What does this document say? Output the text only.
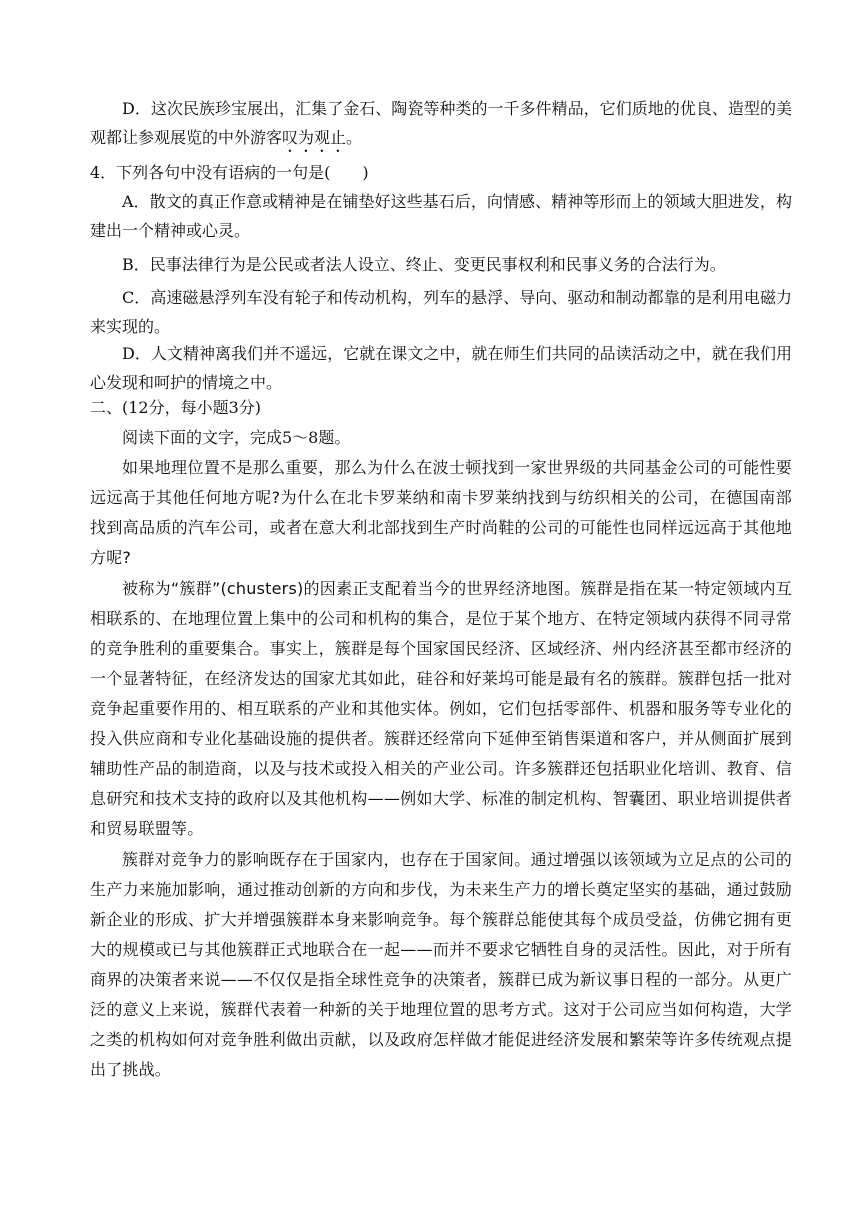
D．这次民族珍宝展出，汇集了金石、陶瓷等种类的一千多件精品，它们质地的优良、造型的美观都让参观展览的中外游客叹为观止。

4．下列各句中没有语病的一句是(　　)

A．散文的真正作意或精神是在铺垫好这些基石后，向情感、精神等形而上的领域大胆进发，构建出一个精神或心灵。

B．民事法律行为是公民或者法人设立、终止、变更民事权利和民事义务的合法行为。

C．高速磁悬浮列车没有轮子和传动机构，列车的悬浮、导向、驱动和制动都靠的是利用电磁力来实现的。

D．人文精神离我们并不遥远，它就在课文之中，就在师生们共同的品读活动之中，就在我们用心发现和呵护的情境之中。

二、(12分，每小题3分)

阅读下面的文字，完成5～8题。

如果地理位置不是那么重要，那么为什么在波士顿找到一家世界级的共同基金公司的可能性要远远高于其他任何地方呢?为什么在北卡罗莱纳和南卡罗莱纳找到与纺织相关的公司，在德国南部找到高品质的汽车公司，或者在意大利北部找到生产时尚鞋的公司的可能性也同样远远高于其他地方呢?

被称为“簇群”(chusters)的因素正支配着当今的世界经济地图。簇群是指在某一特定领域内互相联系的、在地理位置上集中的公司和机构的集合，是位于某个地方、在特定领域内获得不同寻常的竞争胜利的重要集合。事实上，簇群是每个国家国民经济、区域经济、州内经济甚至都市经济的一个显著特征，在经济发达的国家尤其如此，硅谷和好莱坞可能是最有名的簇群。簇群包括一批对竞争起重要作用的、相互联系的产业和其他实体。例如，它们包括零部件、机器和服务等专业化的投入供应商和专业化基础设施的提供者。簇群还经常向下延伸至销售渠道和客户，并从侧面扩展到辅助性产品的制造商，以及与技术或投入相关的产业公司。许多簇群还包括职业化培训、教育、信息研究和技术支持的政府以及其他机构——例如大学、标准的制定机构、智囊团、职业培训提供者和贸易联盟等。

簇群对竞争力的影响既存在于国家内，也存在于国家间。通过增强以该领域为立足点的公司的生产力来施加影响，通过推动创新的方向和步伐，为未来生产力的增长奠定坚实的基础，通过鼓励新企业的形成、扩大并增强簇群本身来影响竞争。每个簇群总能使其每个成员受益，仿佛它拥有更大的规模或已与其他簇群正式地联合在一起——而并不要求它牺牲自身的灵活性。因此，对于所有商界的决策者来说——不仅仅是指全球性竞争的决策者，簇群已成为新议事日程的一部分。从更广泛的意义上来说，簇群代表着一种新的关于地理位置的思考方式。这对于公司应当如何构造，大学之类的机构如何对竞争胜利做出贡献，以及政府怎样做才能促进经济发展和繁荣等许多传统观点提出了挑战。
